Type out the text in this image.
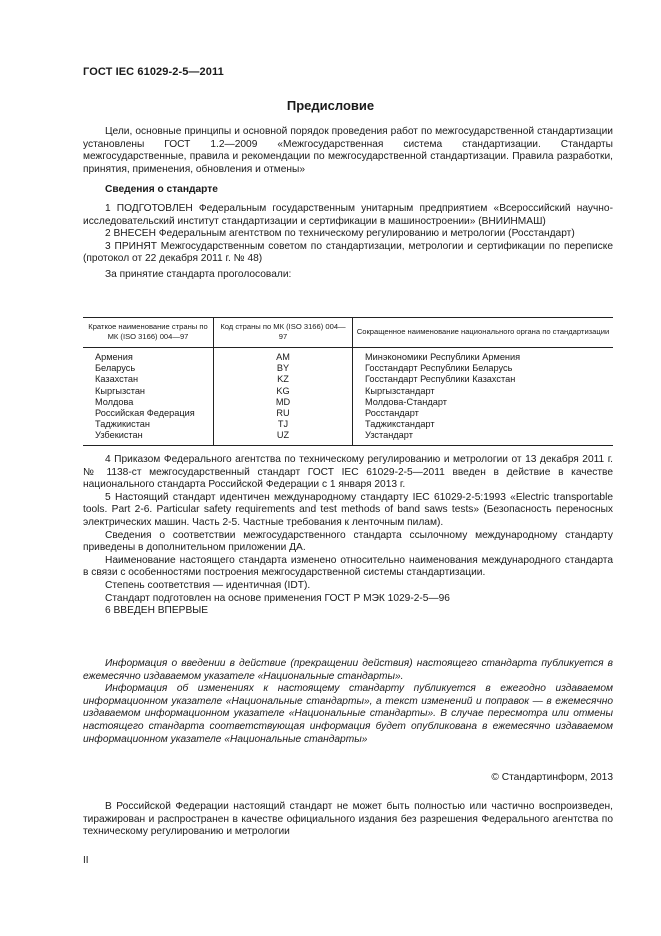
ГОСТ IEC 61029-2-5—2011
Предисловие

Цели, основные принципы и основной порядок проведения работ по межгосударственной стандартизации установлены ГОСТ 1.2—2009 «Межгосударственная система стандартизации. Стандарты межгосударственные, правила и рекомендации по межгосударственной стандартизации. Правила разработки, принятия, применения, обновления и отмены»

Сведения о стандарте

1 ПОДГОТОВЛЕН Федеральным государственным унитарным предприятием «Всероссийский научно-исследовательский институт стандартизации и сертификации в машиностроении» (ВНИИНМАШ)

2 ВНЕСЕН Федеральным агентством по техническому регулированию и метрологии (Росстандарт)

3 ПРИНЯТ Межгосударственным советом по стандартизации, метрологии и сертификации по переписке (протокол от 22 декабря 2011 г. № 48)

За принятие стандарта проголосовали:

Краткое наименование страны по МК (ISO 3166) 004—97	Код страны по МК (ISO 3166) 004—97	Сокращенное наименование национального органа по стандартизации
Армения	AM	Минэкономики Республики Армения
Беларусь	BY	Госстандарт Республики Беларусь
Казахстан	KZ	Госстандарт Республики Казахстан
Кыргызстан	KG	Кыргызстандарт
Молдова	MD	Молдова-Стандарт
Российская Федерация	RU	Росстандарт
Таджикистан	TJ	Таджикстандарт
Узбекистан	UZ	Узстандарт

4 Приказом Федерального агентства по техническому регулированию и метрологии от 13 декабря 2011 г. № 1138-ст межгосударственный стандарт ГОСТ IEC 61029-2-5—2011 введен в действие в качестве национального стандарта Российской Федерации с 1 января 2013 г.

5 Настоящий стандарт идентичен международному стандарту IEC 61029-2-5:1993 «Electric transportable tools. Part 2-6. Particular safety requirements and test methods of band saws tests» (Безопасность переносных электрических машин. Часть 2-5. Частные требования к ленточным пилам).

Сведения о соответствии межгосударственного стандарта ссылочному международному стандарту приведены в дополнительном приложении ДА.

Наименование настоящего стандарта изменено относительно наименования международного стандарта в связи с особенностями построения межгосударственной системы стандартизации.

Степень соответствия — идентичная (IDT).

Стандарт подготовлен на основе применения ГОСТ Р МЭК 1029-2-5—96

6 ВВЕДЕН ВПЕРВЫЕ

Информация о введении в действие (прекращении действия) настоящего стандарта публикуется в ежемесячно издаваемом указателе «Национальные стандарты».

Информация об изменениях к настоящему стандарту публикуется в ежегодно издаваемом информационном указателе «Национальные стандарты», а текст изменений и поправок — в ежемесячно издаваемом информационном указателе «Национальные стандарты». В случае пересмотра или отмены настоящего стандарта соответствующая информация будет опубликована в ежемесячно издаваемом информационном указателе «Национальные стандарты»

© Стандартинформ, 2013

В Российской Федерации настоящий стандарт не может быть полностью или частично воспроизведен, тиражирован и распространен в качестве официального издания без разрешения Федерального агентства по техническому регулированию и метрологии

II
